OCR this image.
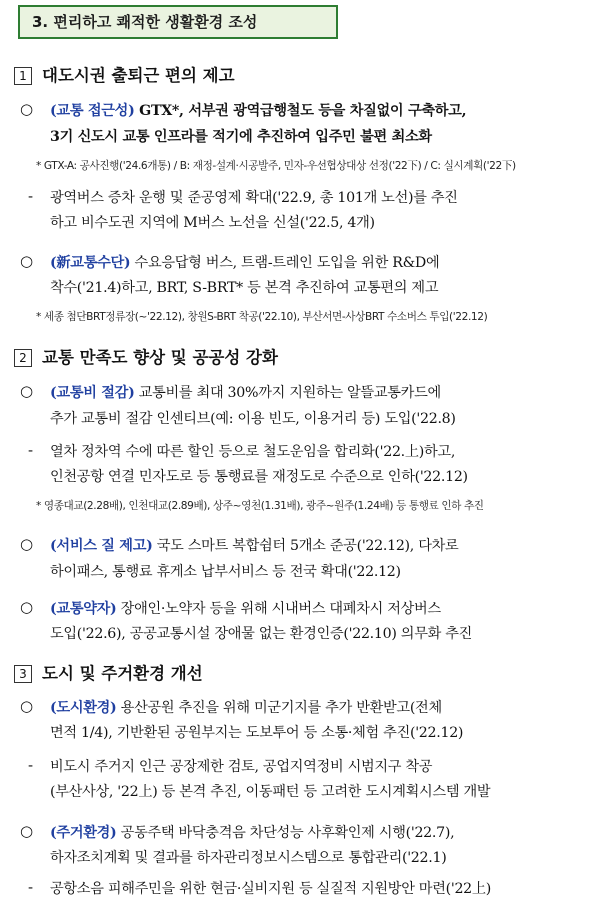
3. 편리하고 쾌적한 생활환경 조성
1 대도시권 출퇴근 편의 제고
○ (교통 접근성) GTX*, 서부권 광역급행철도 등을 차질없이 구축하고,
3기 신도시 교통 인프라를 적기에 추진하여 입주민 불편 최소화
* GTX-A: 공사진행('24.6개통) / B: 재정-설계·시공발주, 민자-우선협상대상 선정('22下) / C: 실시계획('22下)
- 광역버스 증차 운행 및 준공영제 확대('22.9, 총 101개 노선)를 추진
하고 비수도권 지역에 M버스 노선을 신설('22.5, 4개)
○ (新교통수단) 수요응답형 버스, 트램-트레인 도입을 위한 R&D에
착수('21.4)하고, BRT, S-BRT* 등 본격 추진하여 교통편의 제고
* 세종 첨단BRT정류장(~'22.12), 창원S-BRT 착공('22.10), 부산서면-사상BRT 수소버스 투입('22.12)
2 교통 만족도 향상 및 공공성 강화
○ (교통비 절감) 교통비를 최대 30%까지 지원하는 알뜰교통카드에
추가 교통비 절감 인센티브(예: 이용 빈도, 이용거리 등) 도입('22.8)
- 열차 정차역 수에 따른 할인 등으로 철도운임을 합리화('22.上)하고,
인천공항 연결 민자도로 등 통행료를 재정도로 수준으로 인하('22.12)
* 영종대교(2.28배), 인천대교(2.89배), 상주~영천(1.31배), 광주~원주(1.24배) 등 통행료 인하 추진
○ (서비스 질 제고) 국도 스마트 복합쉼터 5개소 준공('22.12), 다차로
하이패스, 통행료 휴게소 납부서비스 등 전국 확대('22.12)
○ (교통약자) 장애인·노약자 등을 위해 시내버스 대폐차시 저상버스
도입('22.6), 공공교통시설 장애물 없는 환경인증('22.10) 의무화 추진
3 도시 및 주거환경 개선
○ (도시환경) 용산공원 추진을 위해 미군기지를 추가 반환받고(전체
면적 1/4), 기반환된 공원부지는 도보투어 등 소통·체험 추진('22.12)
- 비도시 주거지 인근 공장제한 검토, 공업지역정비 시범지구 착공
(부산사상, '22上) 등 본격 추진, 이동패턴 등 고려한 도시계획시스템 개발
○ (주거환경) 공동주택 바닥충격음 차단성능 사후확인제 시행('22.7),
하자조치계획 및 결과를 하자관리정보시스템으로 통합관리('22.1)
- 공항소음 피해주민을 위한 현금·실비지원 등 실질적 지원방안 마련('22上)
